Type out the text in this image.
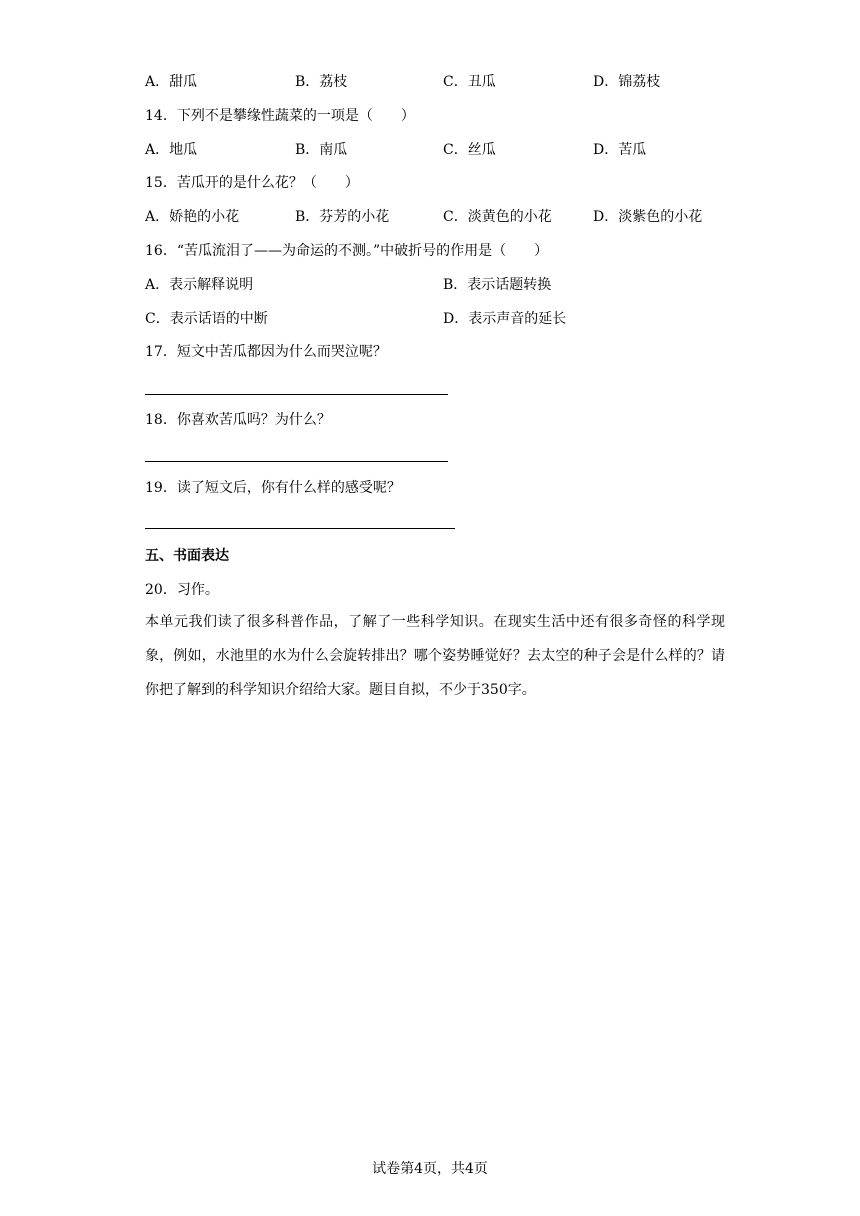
A．甜瓜	B．荔枝	C．丑瓜	D．锦荔枝
14．下列不是攀缘性蔬菜的一项是（　　）
A．地瓜	B．南瓜	C．丝瓜	D．苦瓜
15．苦瓜开的是什么花？（　　）
A．娇艳的小花	B．芬芳的小花	C．淡黄色的小花	D．淡紫色的小花
16．“苦瓜流泪了——为命运的不测。”中破折号的作用是（　　）
A．表示解释说明	B．表示话题转换
C．表示话语的中断	D．表示声音的延长
17．短文中苦瓜都因为什么而哭泣呢？
18．你喜欢苦瓜吗？为什么？
19．读了短文后，你有什么样的感受呢？
五、书面表达
20．习作。
本单元我们读了很多科普作品，了解了一些科学知识。在现实生活中还有很多奇怪的科学现象，例如，水池里的水为什么会旋转排出？哪个姿势睡觉好？去太空的种子会是什么样的？请你把了解到的科学知识介绍给大家。题目自拟，不少于350字。
试卷第4页，共4页
